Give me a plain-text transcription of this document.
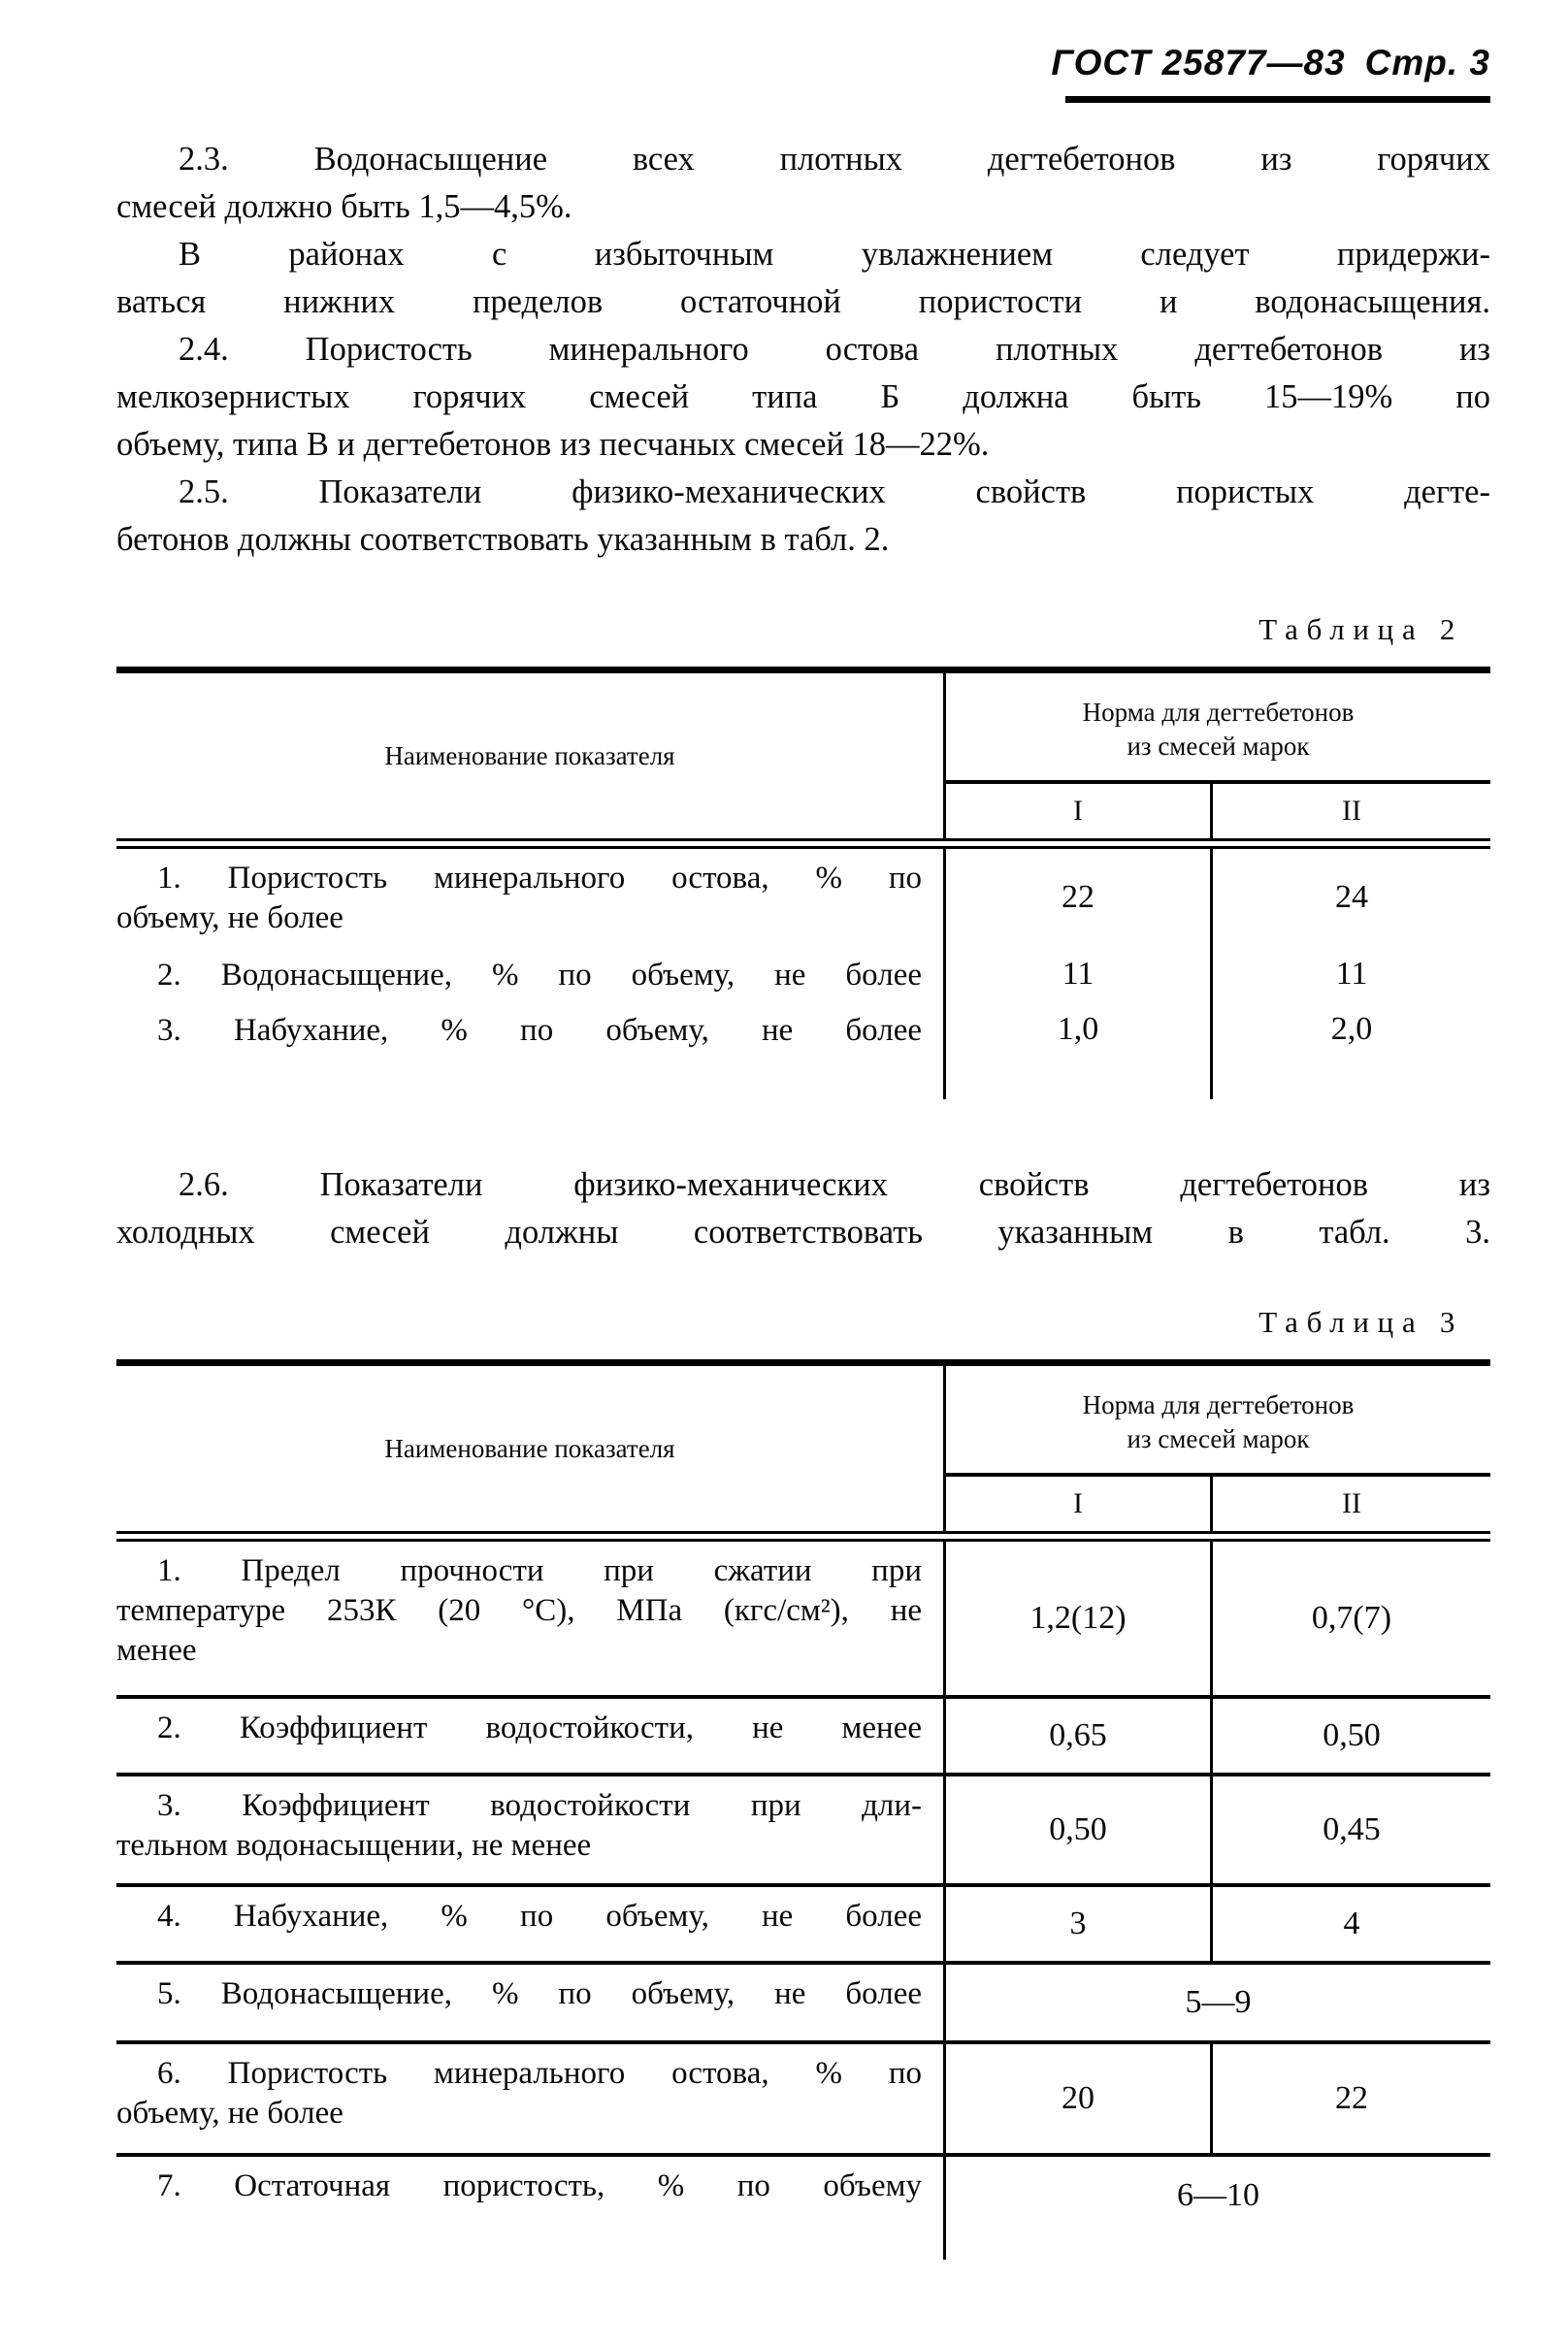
ГОСТ 25877—83 Стр. 3
2.3. Водонасыщение всех плотных дегтебетонов из горячих
смесей должно быть 1,5—4,5%.
В районах с избыточным увлажнением следует придержи-
ваться нижних пределов остаточной пористости и водонасыщения.
2.4. Пористость минерального остова плотных дегтебетонов из
мелкозернистых горячих смесей типа Б должна быть 15—19% по
объему, типа В и дегтебетонов из песчаных смесей 18—22%.
2.5. Показатели физико-механических свойств пористых дегте-
бетонов должны соответствовать указанным в табл. 2.
Таблица 2
Наименование показателя
Норма для дегтебетонов
из смесей марок
I	II
1. Пористость минерального остова, % по
объему, не более
22	24
2. Водонасыщение, % по объему, не более	11	11
3. Набухание, % по объему, не более	1,0	2,0
2.6. Показатели физико-механических свойств дегтебетонов из
холодных смесей должны соответствовать указанным в табл. 3.
Таблица 3
Наименование показателя
Норма для дегтебетонов
из смесей марок
I	II
1. Предел прочности при сжатии при
температуре 253К (20 °С), МПа (кгс/см²), не
менее
1,2(12)	0,7(7)
2. Коэффициент водостойкости, не менее	0,65	0,50
3. Коэффициент водостойкости при дли-
тельном водонасыщении, не менее	0,50	0,45
4. Набухание, % по объему, не более	3	4
5. Водонасыщение, % по объему, не более	5—9
6. Пористость минерального остова, % по
объему, не более	20	22
7. Остаточная пористость, % по объему	6—10
